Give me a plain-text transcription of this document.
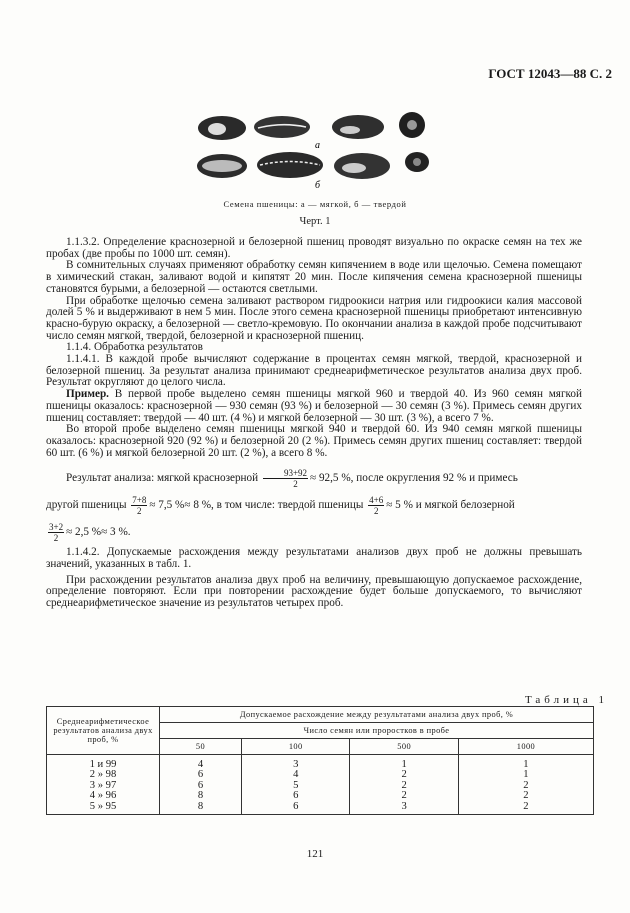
ГОСТ 12043—88 С. 2
а
б
Семена пшеницы: а — мягкой, б — твердой
Черт. 1

1.1.3.2. Определение краснозерной и белозерной пшениц проводят визуально по окраске семян на тех же пробах (две пробы по 1000 шт. семян).

В сомнительных случаях применяют обработку семян кипячением в воде или щелочью. Семена помещают в химический стакан, заливают водой и кипятят 20 мин. После кипячения семена краснозерной пшеницы становятся бурыми, а белозерной — остаются светлыми.

При обработке щелочью семена заливают раствором гидроокиси натрия или гидроокиси калия массовой долей 5 % и выдерживают в нем 5 мин. После этого семена краснозерной пшеницы приобретают интенсивную красно-бурую окраску, а белозерной — светло-кремовую. По окончании анализа в каждой пробе подсчитывают число семян мягкой, твердой, белозерной и краснозерной пшениц.

1.1.4. Обработка результатов

1.1.4.1. В каждой пробе вычисляют содержание в процентах семян мягкой, твердой, краснозерной и белозерной пшениц. За результат анализа принимают среднеарифметическое результатов анализа двух проб. Результат округляют до целого числа.

Пример. В первой пробе выделено семян пшеницы мягкой 960 и твердой 40. Из 960 семян мягкой пшеницы оказалось: краснозерной — 930 семян (93 %) и белозерной — 30 семян (3 %). Примесь семян других пшениц составляет: твердой — 40 шт. (4 %) и мягкой белозерной — 30 шт. (3 %), а всего 7 %.

Во второй пробе выделено семян пшеницы мягкой 940 и твердой 60. Из 940 семян мягкой пшеницы оказалось: краснозерной 920 (92 %) и белозерной 20 (2 %). Примесь семян других пшениц составляет: твердой 60 шт. (6 %) и мягкой белозерной 20 шт. (2 %), а всего 8 %.

Результат анализа: мягкой краснозерной $\frac{93+92}{2} \approx 92,5$ %, после округления 92 % и примесь

другой пшеницы $\frac{7+8}{2} \approx 7,5$ %≈ 8 %, в том числе: твердой пшеницы $\frac{4+6}{2} \approx 5$ % и мягкой белозерной

$\frac{3+2}{2} \approx 2,5$ %≈ 3 %.

1.1.4.2. Допускаемые расхождения между результатами анализов двух проб не должны превышать значений, указанных в табл. 1.

При расхождении результатов анализа двух проб на величину, превышающую допускаемое расхождение, определение повторяют. Если при повторении расхождение будет больше допускаемого, то вычисляют среднеарифметическое значение из результатов четырех проб.

Таблица 1
Среднеарифметическое результатов анализа двух проб, %	Допускаемое расхождение между результатами анализа двух проб, %			
	Число семян или проростков в пробе			
	50	100	500	1000
1 и 99	4	3	1	1
2 » 98	6	4	2	1
3 » 97	6	5	2	2
4 » 96	8	6	2	2
5 » 95	8	6	3	2
121
